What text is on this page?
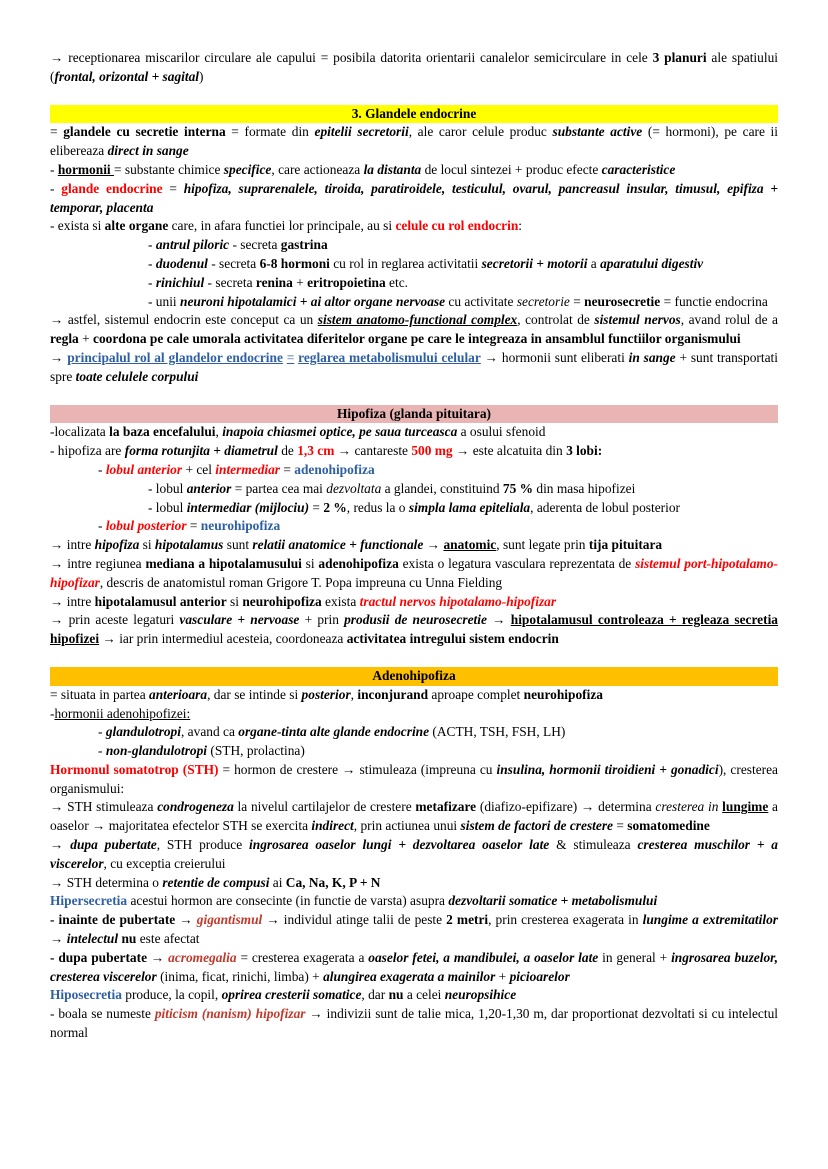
→ receptionarea miscarilor circulare ale capului = posibila datorita orientarii canalelor semicirculare in cele 3 planuri ale spatiului (frontal, orizontal + sagital)
3. Glandele endocrine
= glandele cu secretie interna = formate din epitelii secretorii, ale caror celule produc substante active (= hormoni), pe care ii elibereaza direct in sange
- hormonii = substante chimice specifice, care actioneaza la distanta de locul sintezei + produc efecte caracteristice
- glande endocrine = hipofiza, suprarenalele, tiroida, paratiroidele, testiculul, ovarul, pancreasul insular, timusul, epifiza + temporar, placenta
- exista si alte organe care, in afara functiei lor principale, au si celule cu rol endocrin:
- antrul piloric - secreta gastrina
- duodenul - secreta 6-8 hormoni cu rol in reglarea activitatii secretorii + motorii a aparatului digestiv
- rinichiul - secreta renina + eritropoietina etc.
- unii neuroni hipotalamici + ai altor organe nervoase cu activitate secretorie = neurosecretie = functie endocrina
→ astfel, sistemul endocrin este conceput ca un sistem anatomo-functional complex, controlat de sistemul nervos, avand rolul de a regla + coordona pe cale umorala activitatea diferitelor organe pe care le integreaza in ansamblul functiilor organismului
→ principalul rol al glandelor endocrine = reglarea metabolismului celular → hormonii sunt eliberati in sange + sunt transportati spre toate celulele corpului
Hipofiza (glanda pituitara)
-localizata la baza encefalului, inapoia chiasmei optice, pe saua turceasca a osului sfenoid
- hipofiza are forma rotunjita + diametrul de 1,3 cm → cantareste 500 mg → este alcatuita din 3 lobi:
- lobul anterior + cel intermediar = adenohipofiza
- lobul anterior = partea cea mai dezvoltata a glandei, constituind 75 % din masa hipofizei
- lobul intermediar (mijlociu) = 2 %, redus la o simpla lama epiteliala, aderenta de lobul posterior
- lobul posterior = neurohipofiza
→ intre hipofiza si hipotalamus sunt relatii anatomice + functionale → anatomic, sunt legate prin tija pituitara
→ intre regiunea mediana a hipotalamusului si adenohipofiza exista o legatura vasculara reprezentata de sistemul port-hipotalamo-hipofizar, descris de anatomistul roman Grigore T. Popa impreuna cu Unna Fielding
→ intre hipotalamusul anterior si neurohipofiza exista tractul nervos hipotalamo-hipofizar
→ prin aceste legaturi vasculare + nervoase + prin produsii de neurosecretie → hipotalamusul controleaza + regleaza secretia hipofizei → iar prin intermediul acesteia, coordoneaza activitatea intregului sistem endocrin
Adenohipofiza
= situata in partea anterioara, dar se intinde si posterior, inconjurand aproape complet neurohipofiza
-hormonii adenohipofizei:
- glandulotropi, avand ca organe-tinta alte glande endocrine (ACTH, TSH, FSH, LH)
- non-glandulotropi (STH, prolactina)
Hormonul somatotrop (STH) = hormon de crestere → stimuleaza (impreuna cu insulina, hormonii tiroidieni + gonadici), cresterea organismului:
→ STH stimuleaza condrogeneza la nivelul cartilajelor de crestere metafizare (diafizo-epifizare) → determina cresterea in lungime a oaselor → majoritatea efectelor STH se exercita indirect, prin actiunea unui sistem de factori de crestere = somatomedine
→ dupa pubertate, STH produce ingrosarea oaselor lungi + dezvoltarea oaselor late & stimuleaza cresterea muschilor + a viscerelor, cu exceptia creierului
→ STH determina o retentie de compusi ai Ca, Na, K, P + N
Hipersecretia acestui hormon are consecinte (in functie de varsta) asupra dezvoltarii somatice + metabolismului
- inainte de pubertate → gigantismul → individul atinge talii de peste 2 metri, prin cresterea exagerata in lungime a extremitatilor → intelectul nu este afectat
- dupa pubertate → acromegalia = cresterea exagerata a oaselor fetei, a mandibulei, a oaselor late in general + ingrosarea buzelor, cresterea viscerelor (inima, ficat, rinichi, limba) + alungirea exagerata a mainilor + picioarelor
Hiposecretia produce, la copil, oprirea cresterii somatice, dar nu a celei neuropsihice
- boala se numeste piticism (nanism) hipofizar → indivizii sunt de talie mica, 1,20-1,30 m, dar proportionat dezvoltati si cu intelectul normal
